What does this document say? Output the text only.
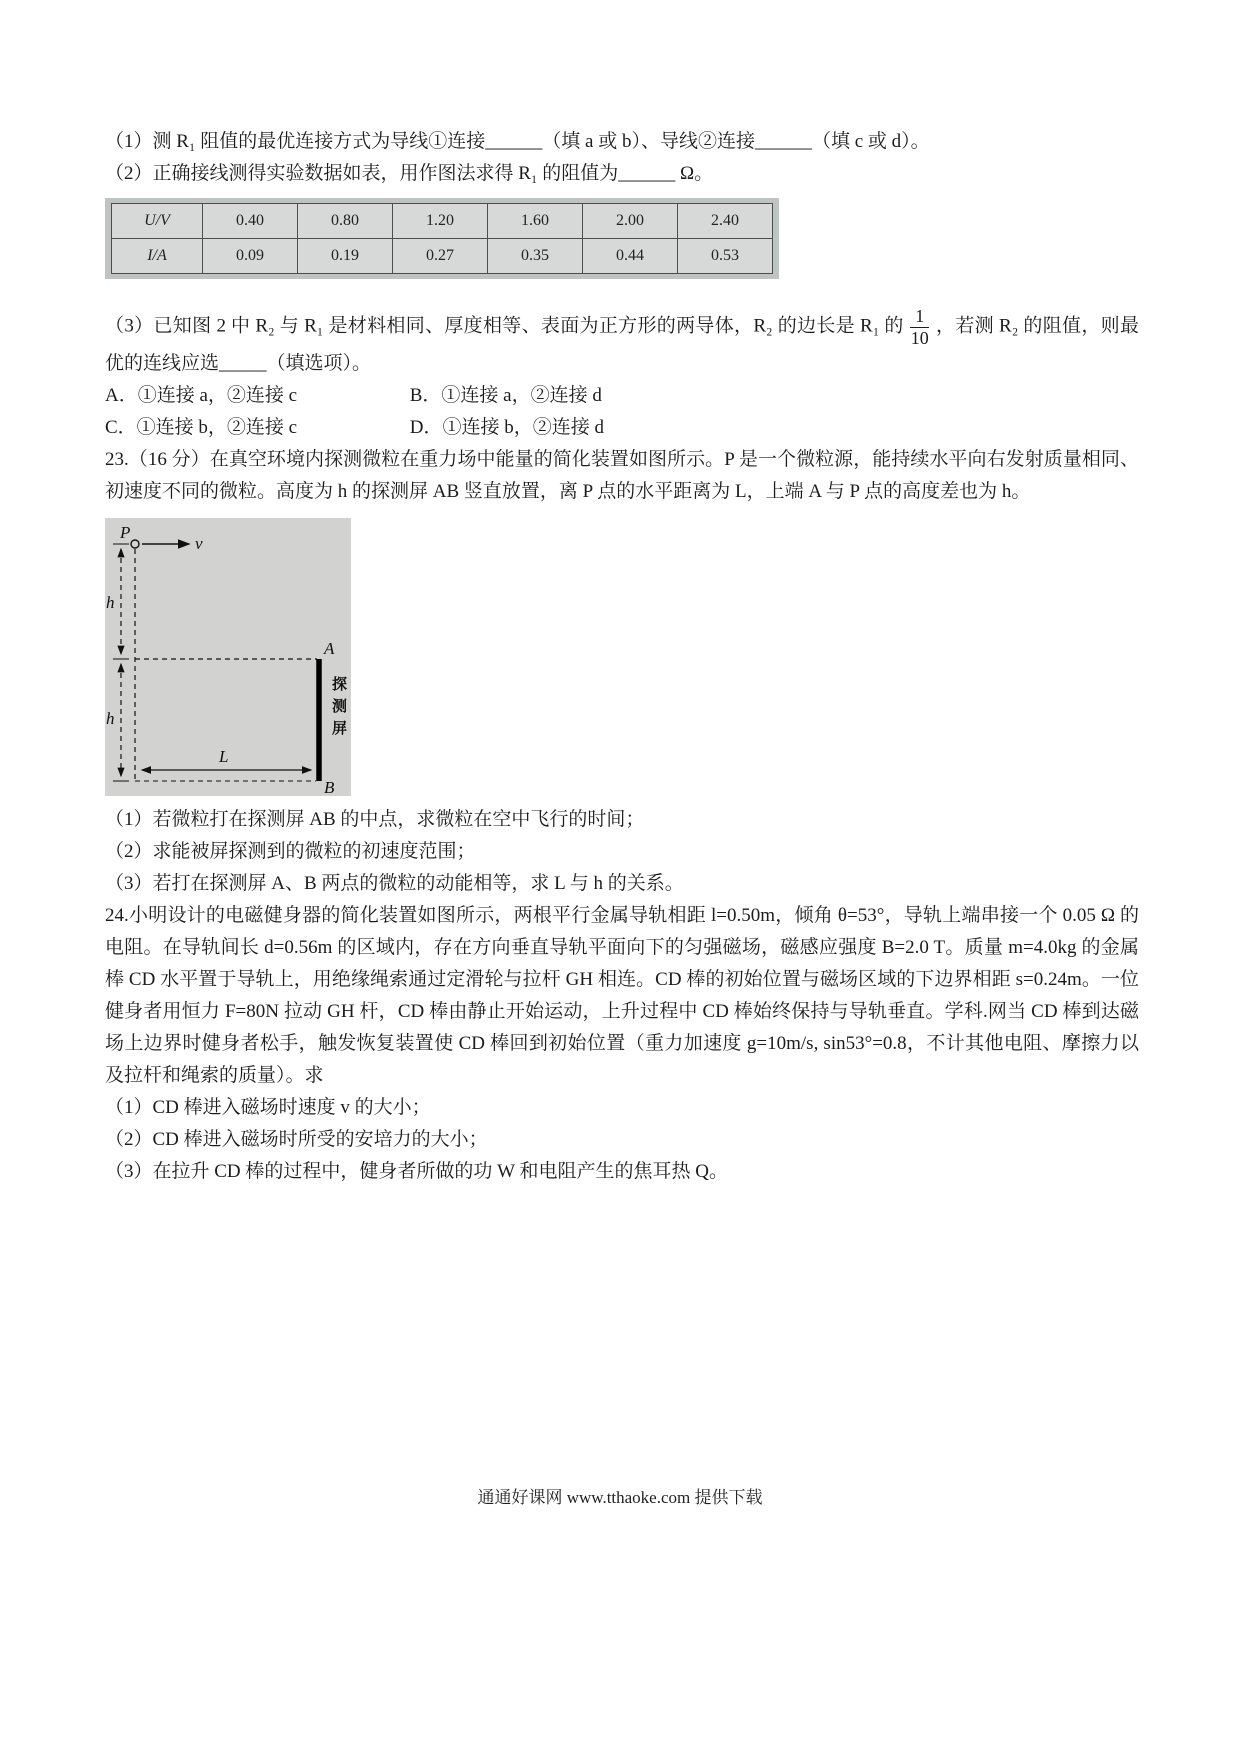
（1）测 R₁ 阻值的最优连接方式为导线①连接______（填 a 或 b）、导线②连接______（填 c 或 d）。

（2）正确接线测得实验数据如表，用作图法求得 R₁ 的阻值为______ Ω。

U/V	0.40	0.80	1.20	1.60	2.00	2.40
I/A	0.09	0.19	0.27	0.35	0.44	0.53

（3）已知图 2 中 R₂ 与 R₁ 是材料相同、厚度相等、表面为正方形的两导体，R₂ 的边长是 R₁ 的 $\frac{1}{10}$ ，若测 R₂ 的阻值，则最优的连线应选_____（填选项）。

A．①连接 a，②连接 c	B．①连接 a，②连接 d

C．①连接 b，②连接 c	D．①连接 b，②连接 d

23.（16 分）在真空环境内探测微粒在重力场中能量的简化装置如图所示。P 是一个微粒源，能持续水平向右发射质量相同、初速度不同的微粒。高度为 h 的探测屏 AB 竖直放置，离 P 点的水平距离为 L，上端 A 与 P 点的高度差也为 h。

P
v
h
h
A
B
L
探测屏

（1）若微粒打在探测屏 AB 的中点，求微粒在空中飞行的时间；

（2）求能被屏探测到的微粒的初速度范围；

（3）若打在探测屏 A、B 两点的微粒的动能相等，求 L 与 h 的关系。

24.小明设计的电磁健身器的简化装置如图所示，两根平行金属导轨相距 l=0.50m，倾角 θ=53°，导轨上端串接一个 0.05 Ω 的电阻。在导轨间长 d=0.56m 的区域内，存在方向垂直导轨平面向下的匀强磁场，磁感应强度 B=2.0 T。质量 m=4.0kg 的金属棒 CD 水平置于导轨上，用绝缘绳索通过定滑轮与拉杆 GH 相连。CD 棒的初始位置与磁场区域的下边界相距 s=0.24m。一位健身者用恒力 F=80N 拉动 GH 杆，CD 棒由静止开始运动，上升过程中 CD 棒始终保持与导轨垂直。学科.网当 CD 棒到达磁场上边界时健身者松手，触发恢复装置使 CD 棒回到初始位置（重力加速度 g=10m/s, sin53°=0.8，不计其他电阻、摩擦力以及拉杆和绳索的质量）。求

（1）CD 棒进入磁场时速度 v 的大小；

（2）CD 棒进入磁场时所受的安培力的大小；

（3）在拉升 CD 棒的过程中，健身者所做的功 W 和电阻产生的焦耳热 Q。

通通好课网 www.tthaoke.com 提供下载
